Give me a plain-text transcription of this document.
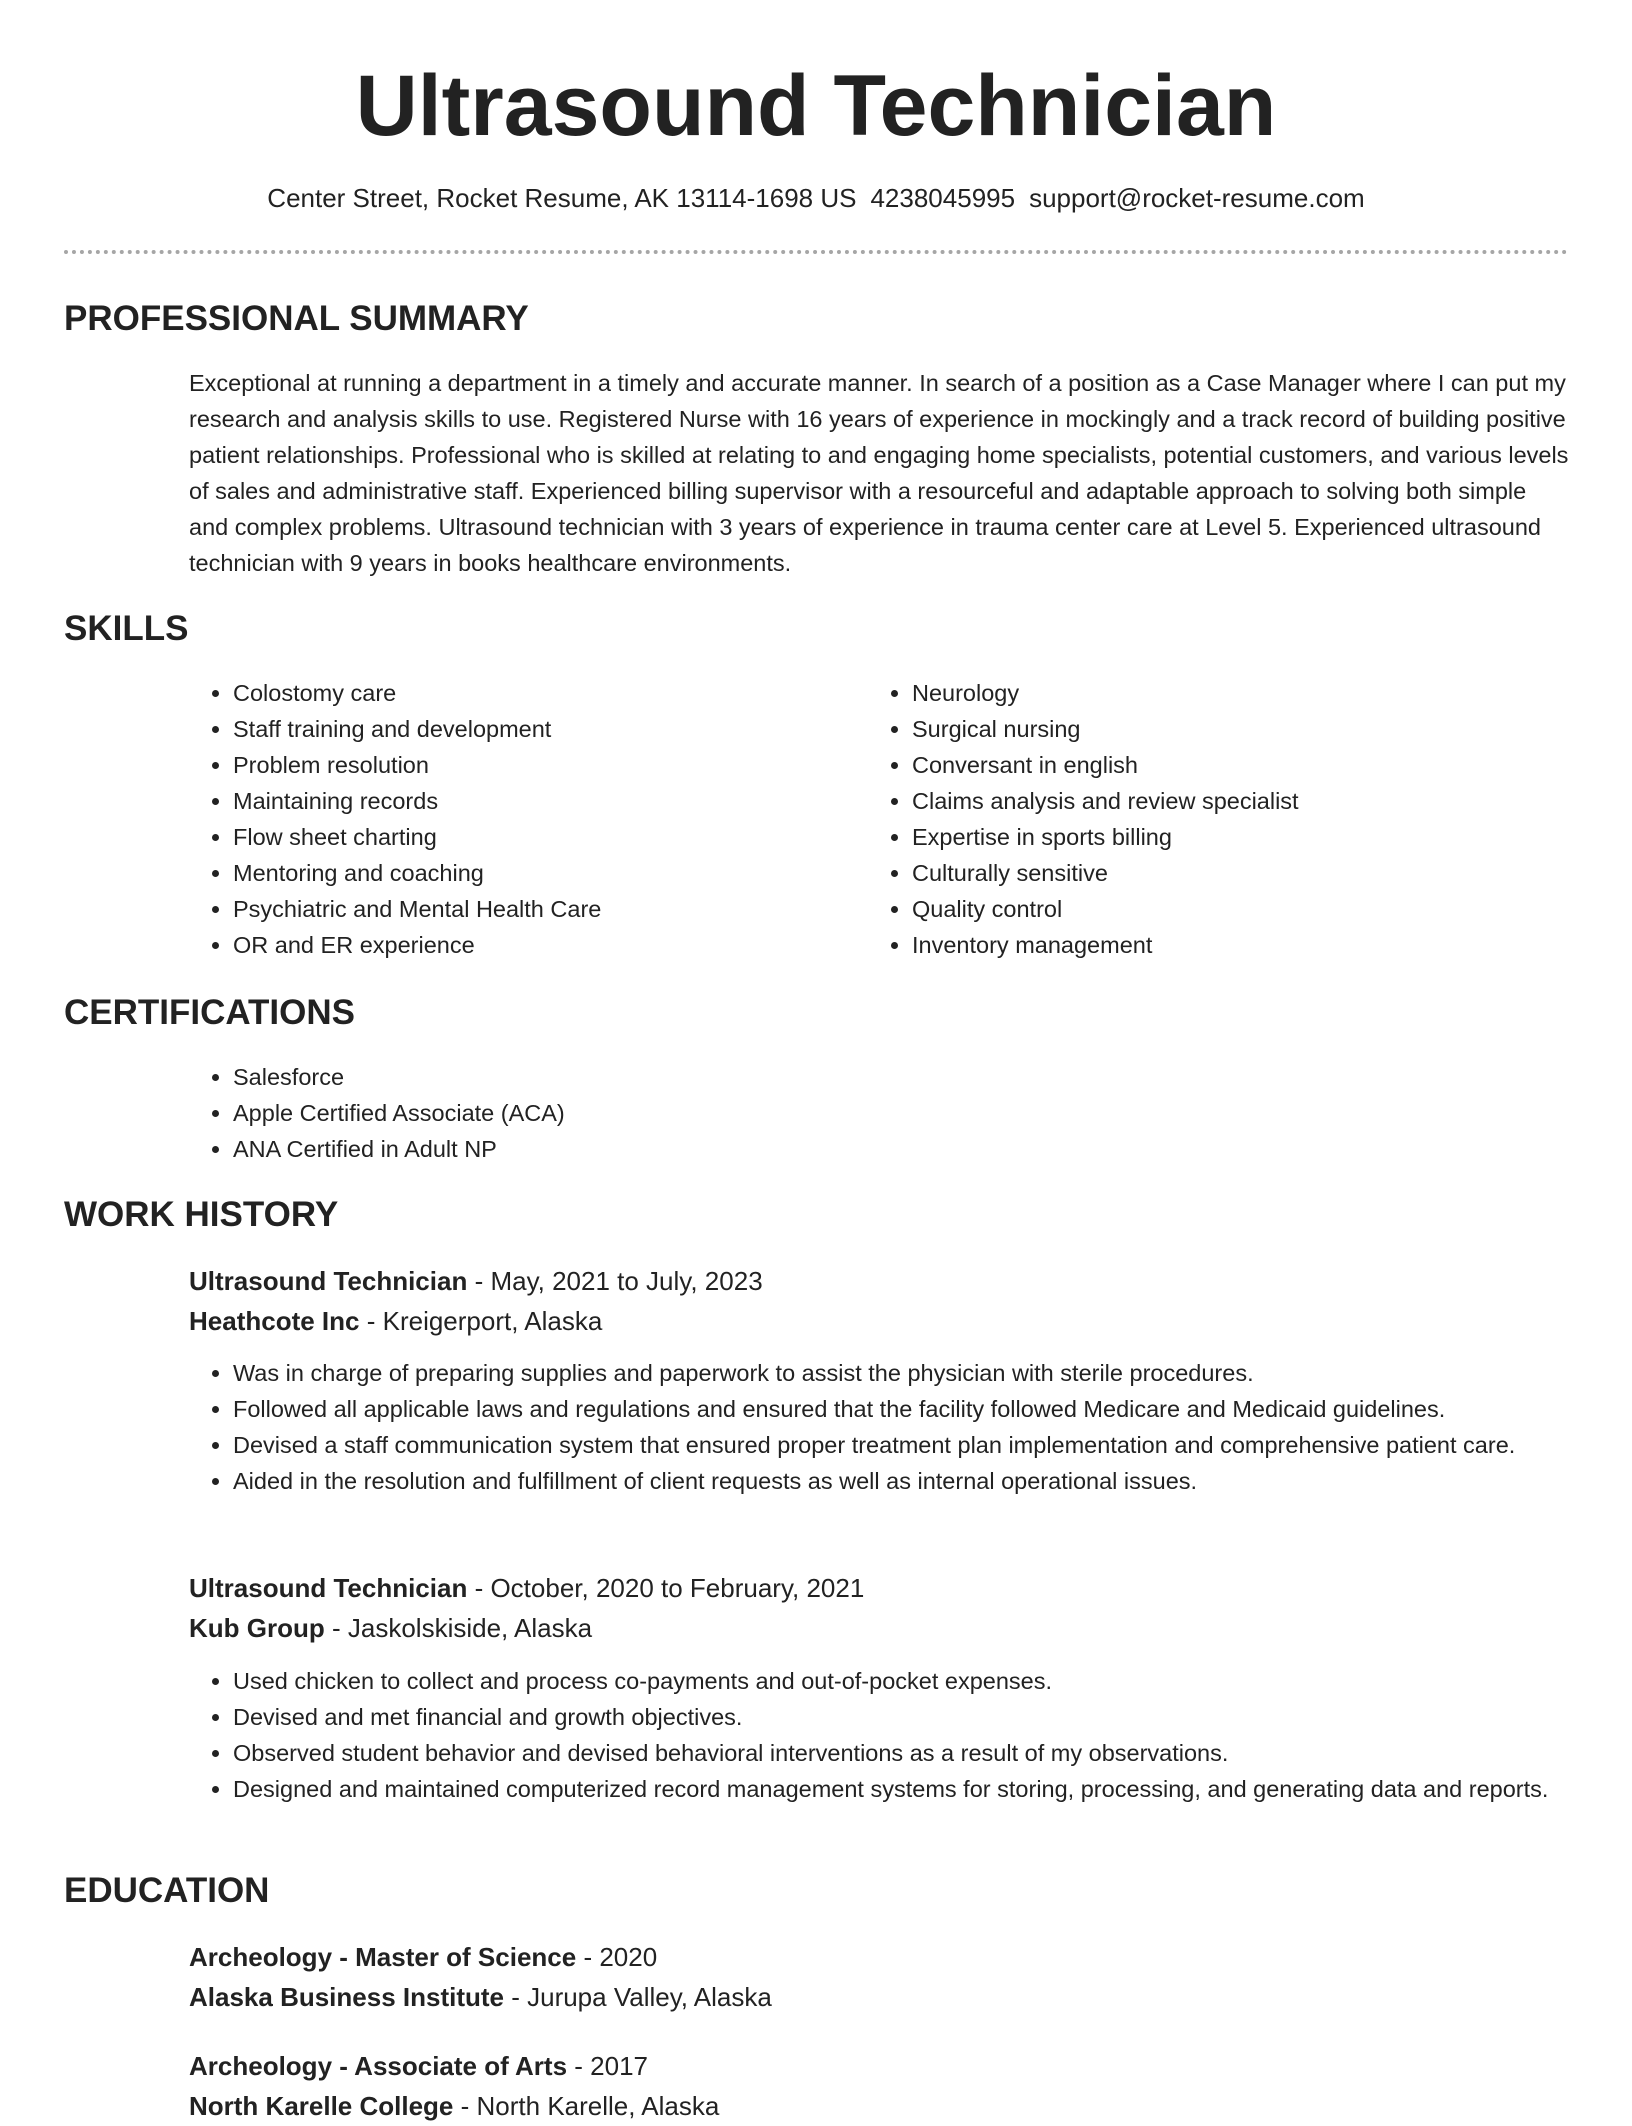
Ultrasound Technician
Center Street, Rocket Resume, AK 13114-1698 US 4238045995 support@rocket-resume.com
PROFESSIONAL SUMMARY

Exceptional at running a department in a timely and accurate manner. In search of a position as a Case Manager where I can put my research and analysis skills to use. Registered Nurse with 16 years of experience in mockingly and a track record of building positive patient relationships. Professional who is skilled at relating to and engaging home specialists, potential customers, and various levels of sales and administrative staff. Experienced billing supervisor with a resourceful and adaptable approach to solving both simple and complex problems. Ultrasound technician with 3 years of experience in trauma center care at Level 5. Experienced ultrasound technician with 9 years in books healthcare environments.

SKILLS
• Colostomy care
• Staff training and development
• Problem resolution
• Maintaining records
• Flow sheet charting
• Mentoring and coaching
• Psychiatric and Mental Health Care
• OR and ER experience
• Neurology
• Surgical nursing
• Conversant in english
• Claims analysis and review specialist
• Expertise in sports billing
• Culturally sensitive
• Quality control
• Inventory management
CERTIFICATIONS
• Salesforce
• Apple Certified Associate (ACA)
• ANA Certified in Adult NP
WORK HISTORY
Ultrasound Technician - May, 2021 to July, 2023
Heathcote Inc - Kreigerport, Alaska
• Was in charge of preparing supplies and paperwork to assist the physician with sterile procedures.
• Followed all applicable laws and regulations and ensured that the facility followed Medicare and Medicaid guidelines.
• Devised a staff communication system that ensured proper treatment plan implementation and comprehensive patient care.
• Aided in the resolution and fulfillment of client requests as well as internal operational issues.
Ultrasound Technician - October, 2020 to February, 2021
Kub Group - Jaskolskiside, Alaska
• Used chicken to collect and process co-payments and out-of-pocket expenses.
• Devised and met financial and growth objectives.
• Observed student behavior and devised behavioral interventions as a result of my observations.
• Designed and maintained computerized record management systems for storing, processing, and generating data and reports.
EDUCATION
Archeology - Master of Science - 2020
Alaska Business Institute - Jurupa Valley, Alaska
Archeology - Associate of Arts - 2017
North Karelle College - North Karelle, Alaska
